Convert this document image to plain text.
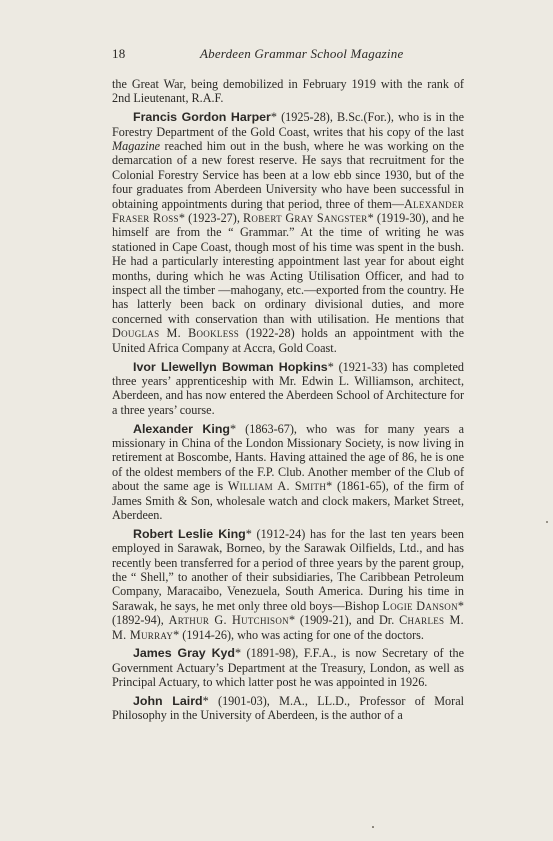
18	Aberdeen Grammar School Magazine

the Great War, being demobilized in February 1919 with the rank of 2nd Lieutenant, R.A.F.

Francis Gordon Harper* (1925-28), B.Sc.(For.), who is in the Forestry Department of the Gold Coast, writes that his copy of the last Magazine reached him out in the bush, where he was working on the demarcation of a new forest reserve. He says that recruitment for the Colonial Forestry Service has been at a low ebb since 1930, but of the four graduates from Aberdeen University who have been successful in obtaining appointments during that period, three of them—Alexander Fraser Ross* (1923-27), Robert Gray Sangster* (1919-30), and he himself are from the “ Grammar.” At the time of writing he was stationed in Cape Coast, though most of his time was spent in the bush. He had a particularly interesting appointment last year for about eight months, during which he was Acting Utilisation Officer, and had to inspect all the timber —mahogany, etc.—exported from the country. He has latterly been back on ordinary divisional duties, and more concerned with conservation than with utilisation. He mentions that Douglas M. Bookless (1922-28) holds an appointment with the United Africa Company at Accra, Gold Coast.

Ivor Llewellyn Bowman Hopkins* (1921-33) has completed three years’ apprenticeship with Mr. Edwin L. Williamson, architect, Aberdeen, and has now entered the Aberdeen School of Architecture for a three years’ course.

Alexander King* (1863-67), who was for many years a missionary in China of the London Missionary Society, is now living in retirement at Boscombe, Hants. Having attained the age of 86, he is one of the oldest members of the F.P. Club. Another member of the Club of about the same age is William A. Smith* (1861-65), of the firm of James Smith & Son, wholesale watch and clock makers, Market Street, Aberdeen.

Robert Leslie King* (1912-24) has for the last ten years been employed in Sarawak, Borneo, by the Sarawak Oilfields, Ltd., and has recently been transferred for a period of three years by the parent group, the “ Shell,” to another of their subsidiaries, The Caribbean Petroleum Company, Maracaibo, Venezuela, South America. During his time in Sarawak, he says, he met only three old boys—Bishop Logie Danson* (1892-94), Arthur G. Hutchison* (1909-21), and Dr. Charles M. M. Murray* (1914-26), who was acting for one of the doctors.

James Gray Kyd* (1891-98), F.F.A., is now Secretary of the Government Actuary’s Department at the Treasury, London, as well as Principal Actuary, to which latter post he was appointed in 1926.

John Laird* (1901-03), M.A., LL.D., Professor of Moral Philosophy in the University of Aberdeen, is the author of a
